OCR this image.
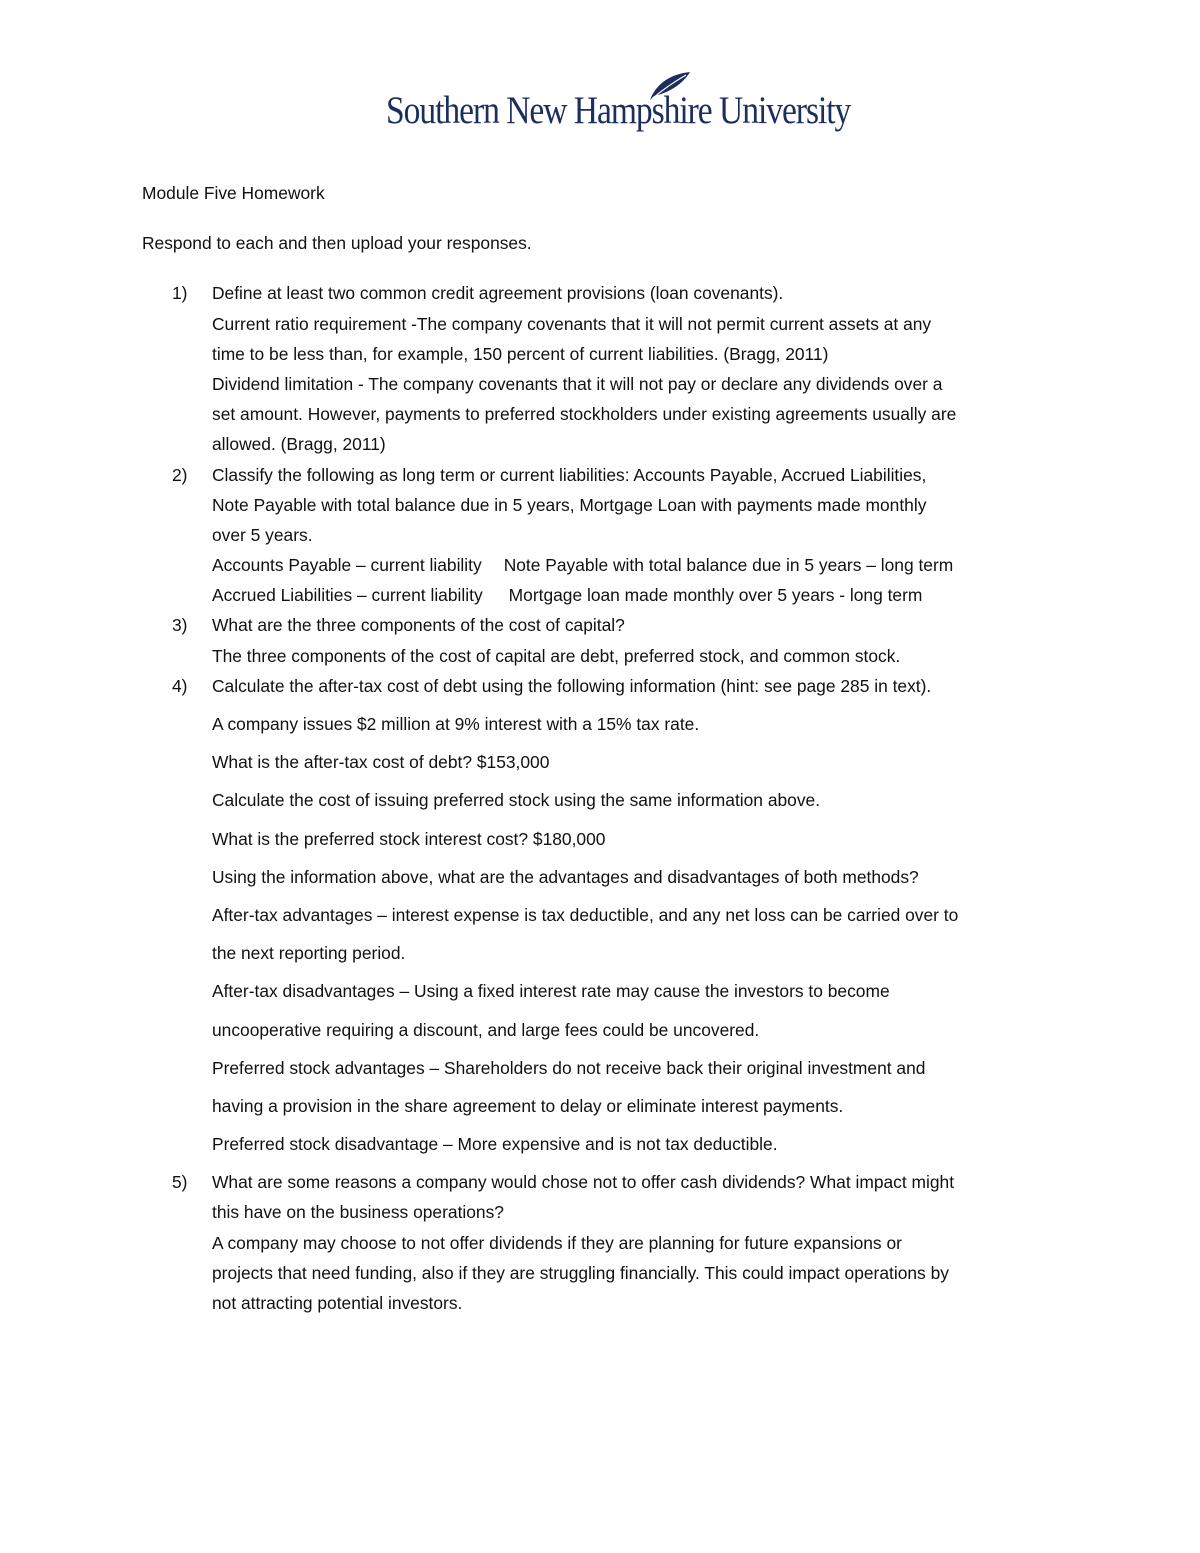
Southern New Hampshire University
Module Five Homework
Respond to each and then upload your responses.
1)	Define at least two common credit agreement provisions (loan covenants).
Current ratio requirement -The company covenants that it will not permit current assets at any
time to be less than, for example, 150 percent of current liabilities. (Bragg, 2011)
Dividend limitation - The company covenants that it will not pay or declare any dividends over a
set amount. However, payments to preferred stockholders under existing agreements usually are
allowed. (Bragg, 2011)
2)	Classify the following as long term or current liabilities: Accounts Payable, Accrued Liabilities,
Note Payable with total balance due in 5 years, Mortgage Loan with payments made monthly
over 5 years.
Accounts Payable – current liability Note Payable with total balance due in 5 years – long term
Accrued Liabilities – current liability Mortgage loan made monthly over 5 years - long term
3)	What are the three components of the cost of capital?
The three components of the cost of capital are debt, preferred stock, and common stock.
4)	Calculate the after-tax cost of debt using the following information (hint: see page 285 in text).
A company issues $2 million at 9% interest with a 15% tax rate.
What is the after-tax cost of debt? $153,000
Calculate the cost of issuing preferred stock using the same information above.
What is the preferred stock interest cost? $180,000
Using the information above, what are the advantages and disadvantages of both methods?
After-tax advantages – interest expense is tax deductible, and any net loss can be carried over to
the next reporting period.
After-tax disadvantages – Using a fixed interest rate may cause the investors to become
uncooperative requiring a discount, and large fees could be uncovered.
Preferred stock advantages – Shareholders do not receive back their original investment and
having a provision in the share agreement to delay or eliminate interest payments.
Preferred stock disadvantage – More expensive and is not tax deductible.
5)	What are some reasons a company would chose not to offer cash dividends? What impact might
this have on the business operations?
A company may choose to not offer dividends if they are planning for future expansions or
projects that need funding, also if they are struggling financially. This could impact operations by
not attracting potential investors.
